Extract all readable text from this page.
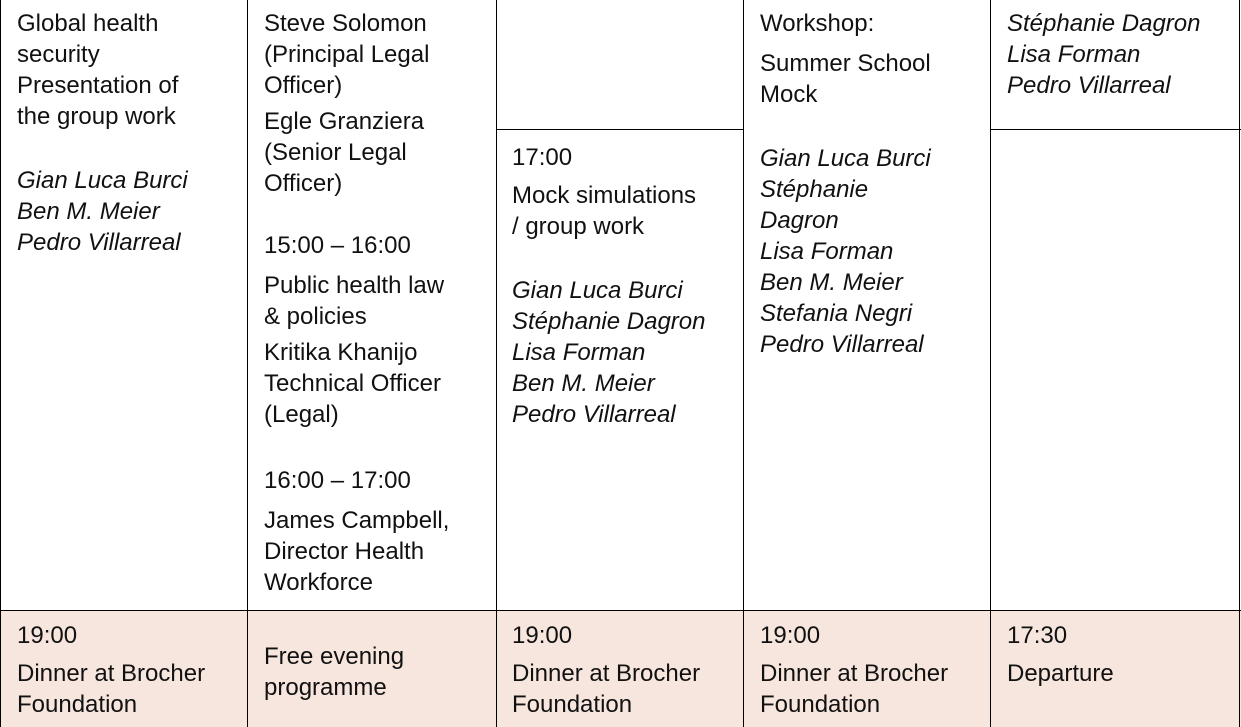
Global health
security
Presentation of
the group work
Gian Luca Burci
Ben M. Meier
Pedro Villarreal
Steve Solomon
(Principal Legal
Officer)
Egle Granziera
(Senior Legal
Officer)
15:00 – 16:00
Public health law
& policies
Kritika Khanijo
Technical Officer
(Legal)
16:00 – 17:00
James Campbell,
Director Health
Workforce
17:00
Mock simulations
/ group work
Gian Luca Burci
Stéphanie Dagron
Lisa Forman
Ben M. Meier
Pedro Villarreal
Workshop:
Summer School
Mock
Gian Luca Burci
Stéphanie
Dagron
Lisa Forman
Ben M. Meier
Stefania Negri
Pedro Villarreal
Stéphanie Dagron
Lisa Forman
Pedro Villarreal
19:00
Dinner at Brocher
Foundation
Free evening
programme
19:00
Dinner at Brocher
Foundation
19:00
Dinner at Brocher
Foundation
17:30
Departure
